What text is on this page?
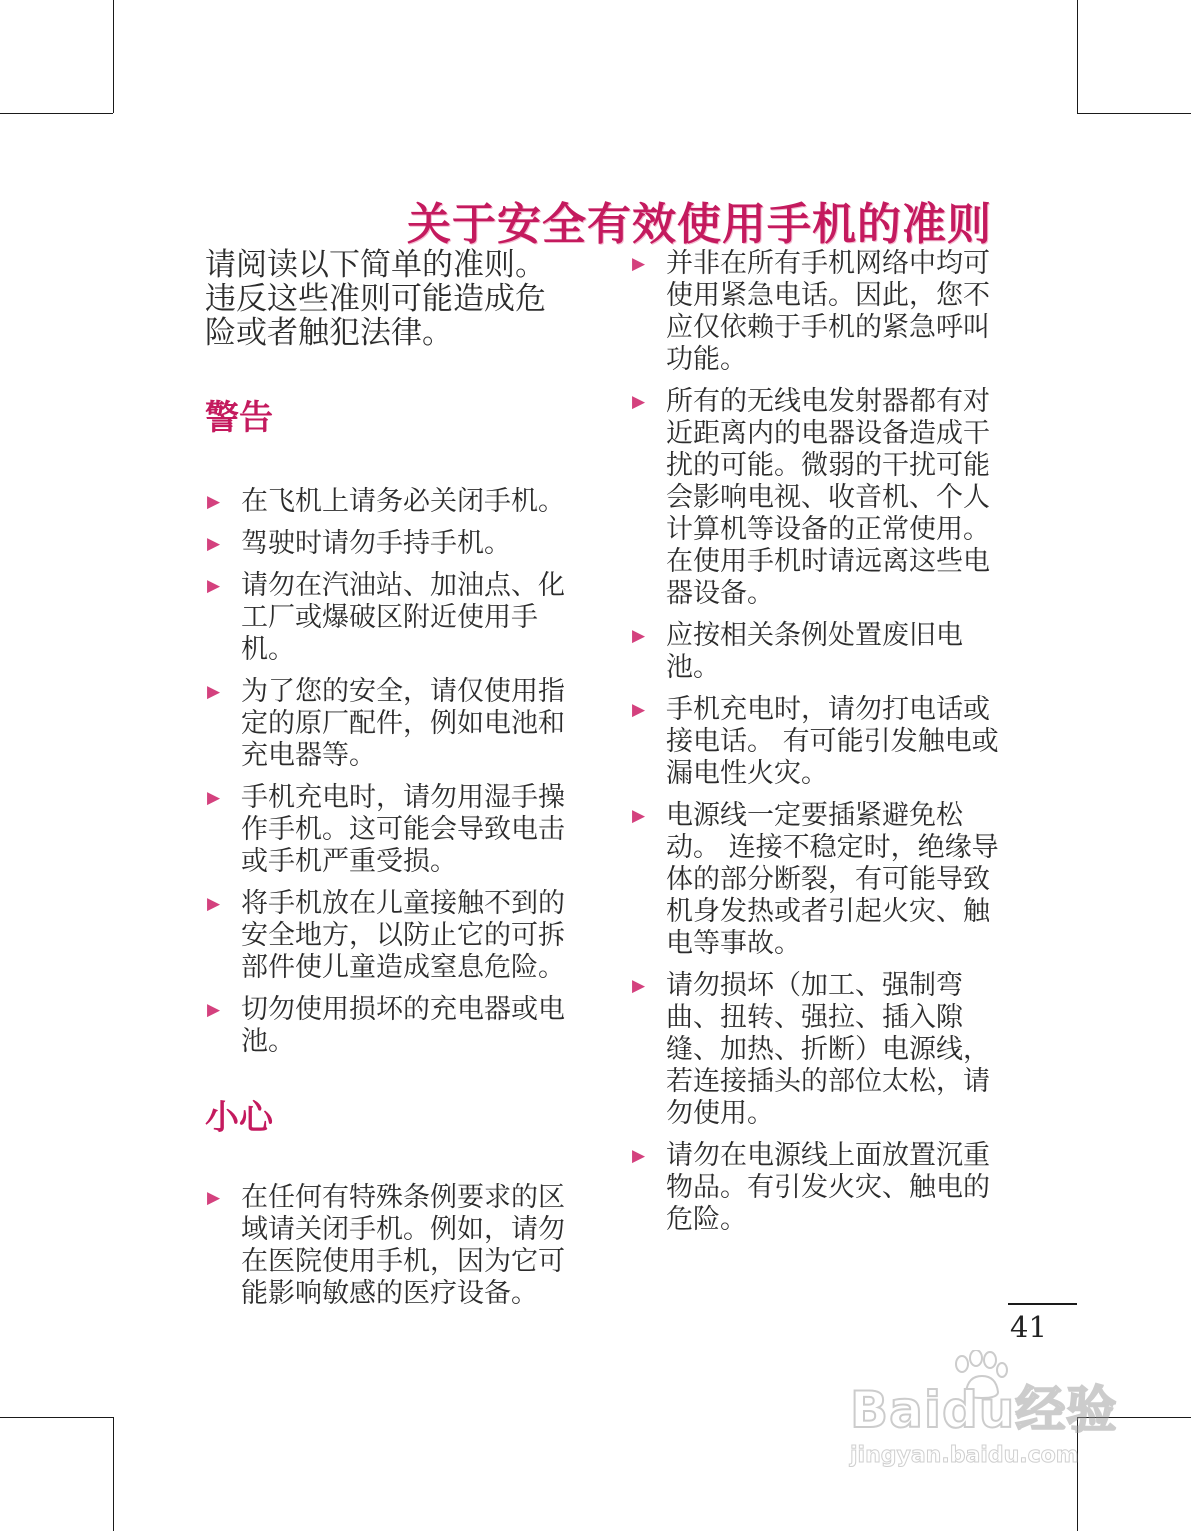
关于安全有效使用手机的准则

请阅读以下简单的准则。违反这些准则可能造成危险或者触犯法律。

警告
▶ 在飞机上请务必关闭手机。
▶ 驾驶时请勿手持手机。
▶ 请勿在汽油站、加油点、化工厂或爆破区附近使用手机。
▶ 为了您的安全，请仅使用指定的原厂配件，例如电池和充电器等。
▶ 手机充电时，请勿用湿手操作手机。这可能会导致电击或手机严重受损。
▶ 将手机放在儿童接触不到的安全地方，以防止它的可拆部件使儿童造成窒息危险。
▶ 切勿使用损坏的充电器或电池。
小心
▶ 在任何有特殊条例要求的区域请关闭手机。例如，请勿在医院使用手机，因为它可能影响敏感的医疗设备。
▶ 并非在所有手机网络中均可使用紧急电话。因此，您不应仅依赖于手机的紧急呼叫功能。
▶ 所有的无线电发射器都有对近距离内的电器设备造成干扰的可能。微弱的干扰可能会影响电视、收音机、个人计算机等设备的正常使用。在使用手机时请远离这些电器设备。
▶ 应按相关条例处置废旧电池。
▶ 手机充电时，请勿打电话或接电话。 有可能引发触电或漏电性火灾。
▶ 电源线一定要插紧避免松动。 连接不稳定时，绝缘导体的部分断裂，有可能导致机身发热或者引起火灾、触电等事故。
▶ 请勿损坏（加工、强制弯曲、扭转、强拉、插入隙缝、加热、折断）电源线，若连接插头的部位太松，请勿使用。
▶ 请勿在电源线上面放置沉重物品。有引发火灾、触电的危险。
41
Baidu经验
jingyan.baidu.com
